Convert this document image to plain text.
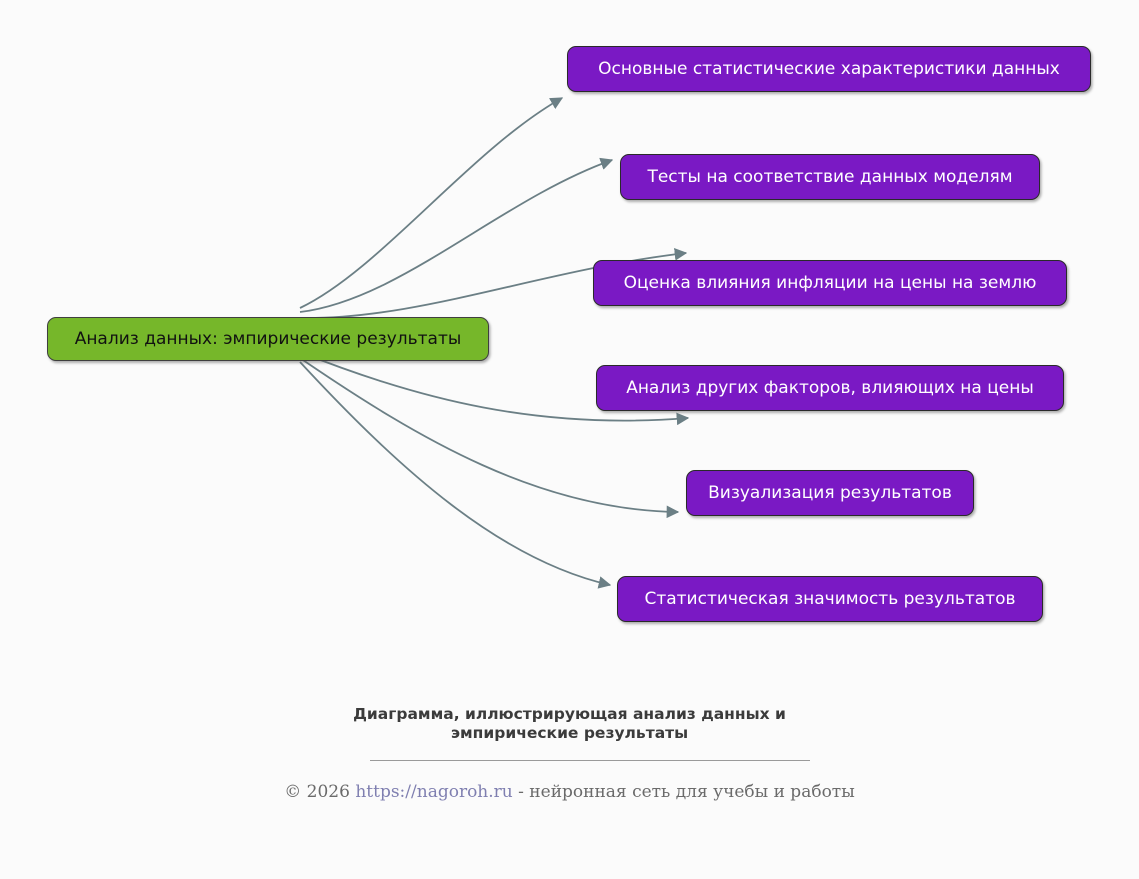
Анализ данных: эмпирические результаты
Основные статистические характеристики данных
Тесты на соответствие данных моделям
Оценка влияния инфляции на цены на землю
Анализ других факторов, влияющих на цены
Визуализация результатов
Статистическая значимость результатов
Диаграмма, иллюстрирующая анализ данных и
эмпирические результаты
© 2026 https://nagoroh.ru - нейронная сеть для учебы и работы
